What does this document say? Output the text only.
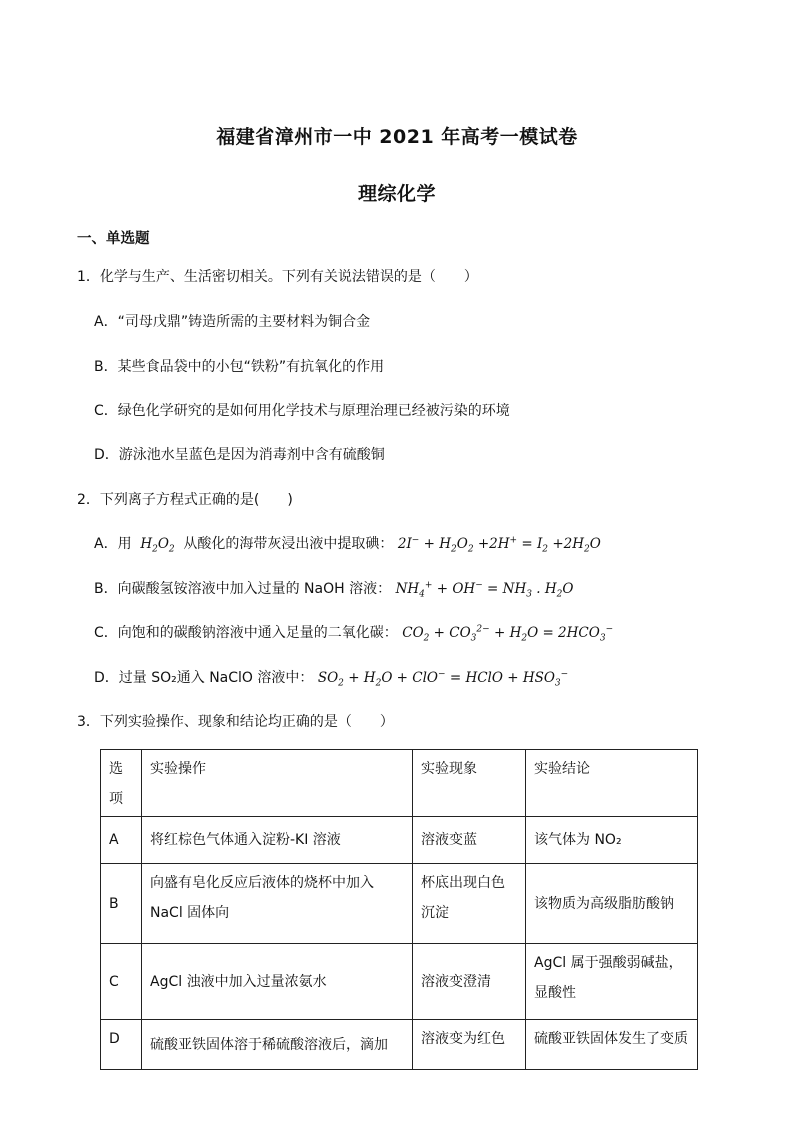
福建省漳州市一中 2021 年高考一模试卷
理综化学
一、单选题
1．化学与生产、生活密切相关。下列有关说法错误的是（　　）
A．“司母戊鼎”铸造所需的主要材料为铜合金
B．某些食品袋中的小包“铁粉”有抗氧化的作用
C．绿色化学研究的是如何用化学技术与原理治理已经被污染的环境
D．游泳池水呈蓝色是因为消毒剂中含有硫酸铜
2．下列离子方程式正确的是(　　)
A．用  $H_2O_2$ 从酸化的海带灰浸出液中提取碘： $2I^- + H_2O_2 +2H^+ = I_2 +2H_2O$
B．向碳酸氢铵溶液中加入过量的 NaOH 溶液： $NH_4^+ + OH^- = NH_3$ . $H_2O$
C．向饱和的碳酸钠溶液中通入足量的二氧化碳： $CO_2 + CO_3^{2-} + H_2O = 2HCO_3^-$
D．过量 SO₂通入 NaClO 溶液中： $SO_2 + H_2O + ClO^-$ = HClO + $HSO_3^-$
3．下列实验操作、现象和结论均正确的是（　　）
选项	实验操作	实验现象	实验结论
A	将红棕色气体通入淀粉-KI 溶液	溶液变蓝	该气体为 NO₂
B	向盛有皂化反应后液体的烧杯中加入 NaCl 固体向	杯底出现白色沉淀	该物质为高级脂肪酸钠
C	AgCl 浊液中加入过量浓氨水	溶液变澄清	AgCl 属于强酸弱碱盐，显酸性
D	硫酸亚铁固体溶于稀硫酸溶液后，滴加	溶液变为红色	硫酸亚铁固体发生了变质
